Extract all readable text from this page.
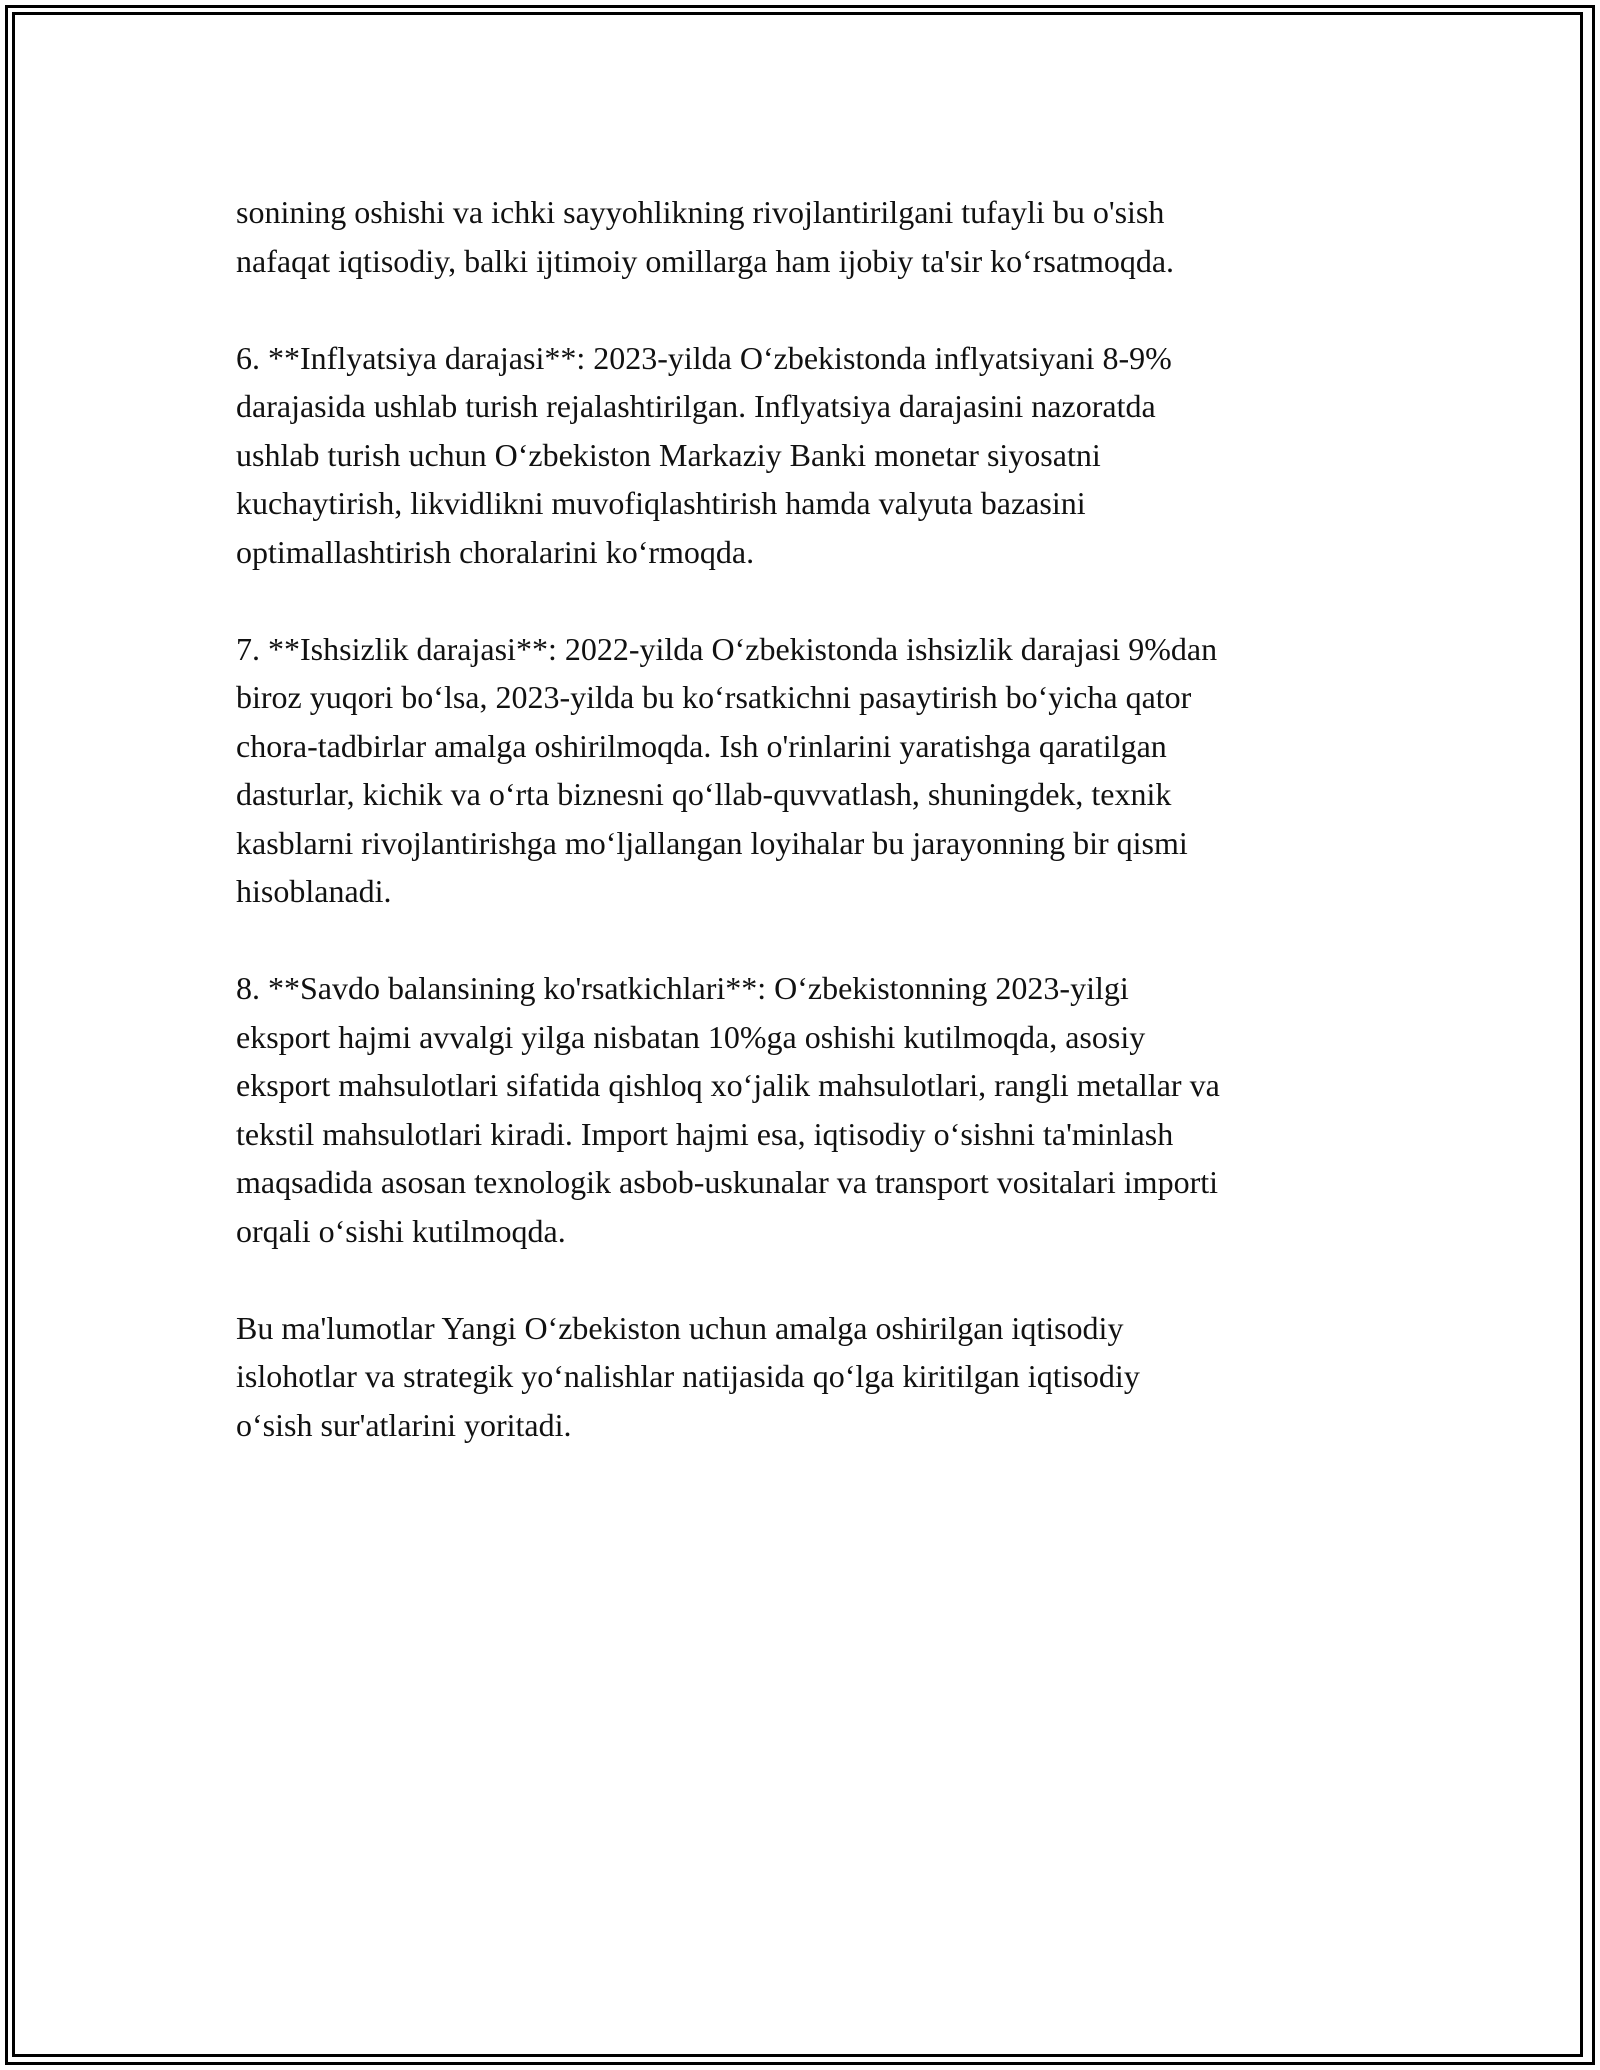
sonining oshishi va ichki sayyohlikning rivojlantirilgani tufayli bu o'sish
nafaqat iqtisodiy, balki ijtimoiy omillarga ham ijobiy ta'sir ko‘rsatmoqda.

6. **Inflyatsiya darajasi**: 2023-yilda O‘zbekistonda inflyatsiyani 8-9%
darajasida ushlab turish rejalashtirilgan. Inflyatsiya darajasini nazoratda
ushlab turish uchun O‘zbekiston Markaziy Banki monetar siyosatni
kuchaytirish, likvidlikni muvofiqlashtirish hamda valyuta bazasini
optimallashtirish choralarini ko‘rmoqda.

7. **Ishsizlik darajasi**: 2022-yilda O‘zbekistonda ishsizlik darajasi 9%dan
biroz yuqori bo‘lsa, 2023-yilda bu ko‘rsatkichni pasaytirish bo‘yicha qator
chora-tadbirlar amalga oshirilmoqda. Ish o'rinlarini yaratishga qaratilgan
dasturlar, kichik va o‘rta biznesni qo‘llab-quvvatlash, shuningdek, texnik
kasblarni rivojlantirishga mo‘ljallangan loyihalar bu jarayonning bir qismi
hisoblanadi.

8. **Savdo balansining ko'rsatkichlari**: O‘zbekistonning 2023-yilgi
eksport hajmi avvalgi yilga nisbatan 10%ga oshishi kutilmoqda, asosiy
eksport mahsulotlari sifatida qishloq xo‘jalik mahsulotlari, rangli metallar va
tekstil mahsulotlari kiradi. Import hajmi esa, iqtisodiy o‘sishni ta'minlash
maqsadida asosan texnologik asbob-uskunalar va transport vositalari importi
orqali o‘sishi kutilmoqda.

Bu ma'lumotlar Yangi O‘zbekiston uchun amalga oshirilgan iqtisodiy
islohotlar va strategik yo‘nalishlar natijasida qo‘lga kiritilgan iqtisodiy
o‘sish sur'atlarini yoritadi.
